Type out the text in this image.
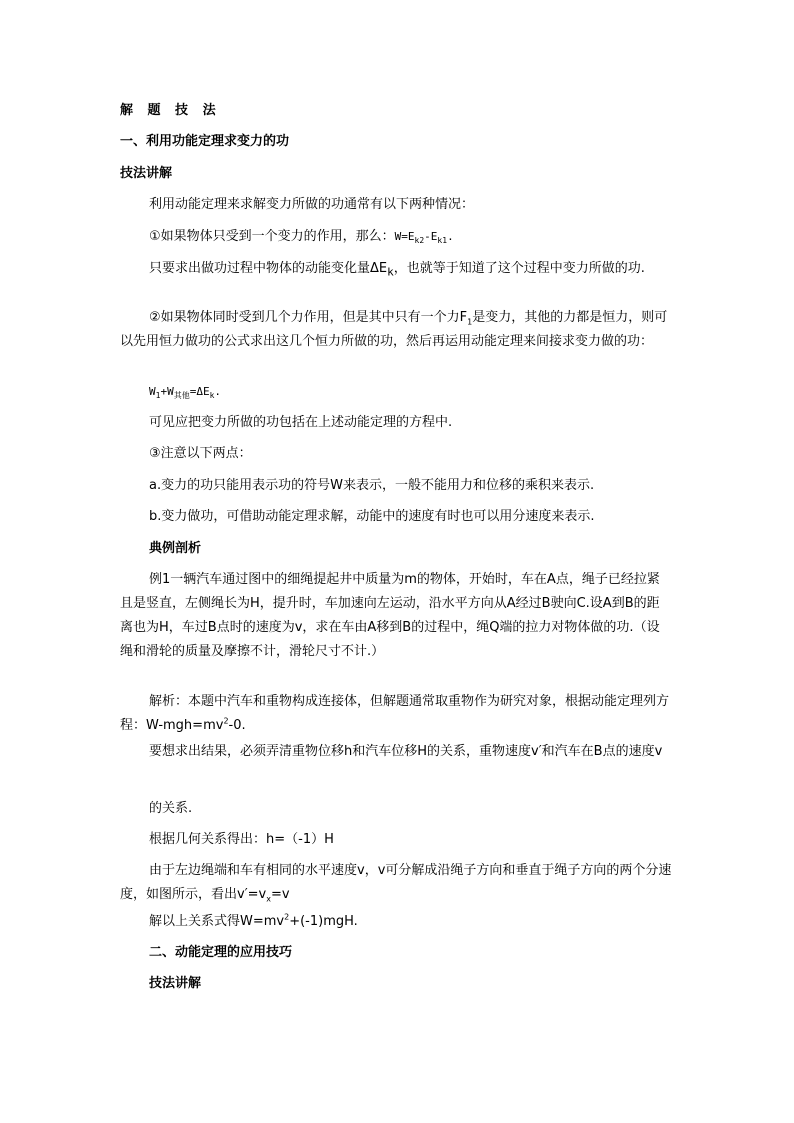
解 题 技 法

一、利用功能定理求变力的功

技法讲解

利用动能定理来求解变力所做的功通常有以下两种情况：

①如果物体只受到一个变力的作用，那么：$W=E_{k2}-E_{k1}$.

只要求出做功过程中物体的动能变化量$\Delta E_k$，也就等于知道了这个过程中变力所做的功.

②如果物体同时受到几个力作用，但是其中只有一个力$F_1$是变力，其他的力都是恒力，则可以先用恒力做功的公式求出这几个恒力所做的功，然后再运用动能定理来间接求变力做的功：

$W_1+W_{其他}=\Delta E_k$.

可见应把变力所做的功包括在上述动能定理的方程中.

③注意以下两点：

a.变力的功只能用表示功的符号W来表示，一般不能用力和位移的乘积来表示.

b.变力做功，可借助动能定理求解，动能中的速度有时也可以用分速度来表示.

典例剖析

例1一辆汽车通过图中的细绳提起井中质量为m的物体，开始时，车在A点，绳子已经拉紧且是竖直，左侧绳长为H，提升时，车加速向左运动，沿水平方向从A经过B驶向C.设A到B的距离也为H，车过B点时的速度为v，求在车由A移到B的过程中，绳Q端的拉力对物体做的功.（设绳和滑轮的质量及摩擦不计，滑轮尺寸不计.）

解析：本题中汽车和重物构成连接体，但解题通常取重物作为研究对象，根据动能定理列方程：$W-mgh=mv^2-0$.

要想求出结果，必须弄清重物位移h和汽车位移H的关系，重物速度v′和汽车在B点的速度v

的关系.

根据几何关系得出：h=（-1）H

由于左边绳端和车有相同的水平速度v，v可分解成沿绳子方向和垂直于绳子方向的两个分速度，如图所示，看出$v'=v_x=v$

解以上关系式得$W=mv^2+(-1)mgH$.

二、动能定理的应用技巧

技法讲解
